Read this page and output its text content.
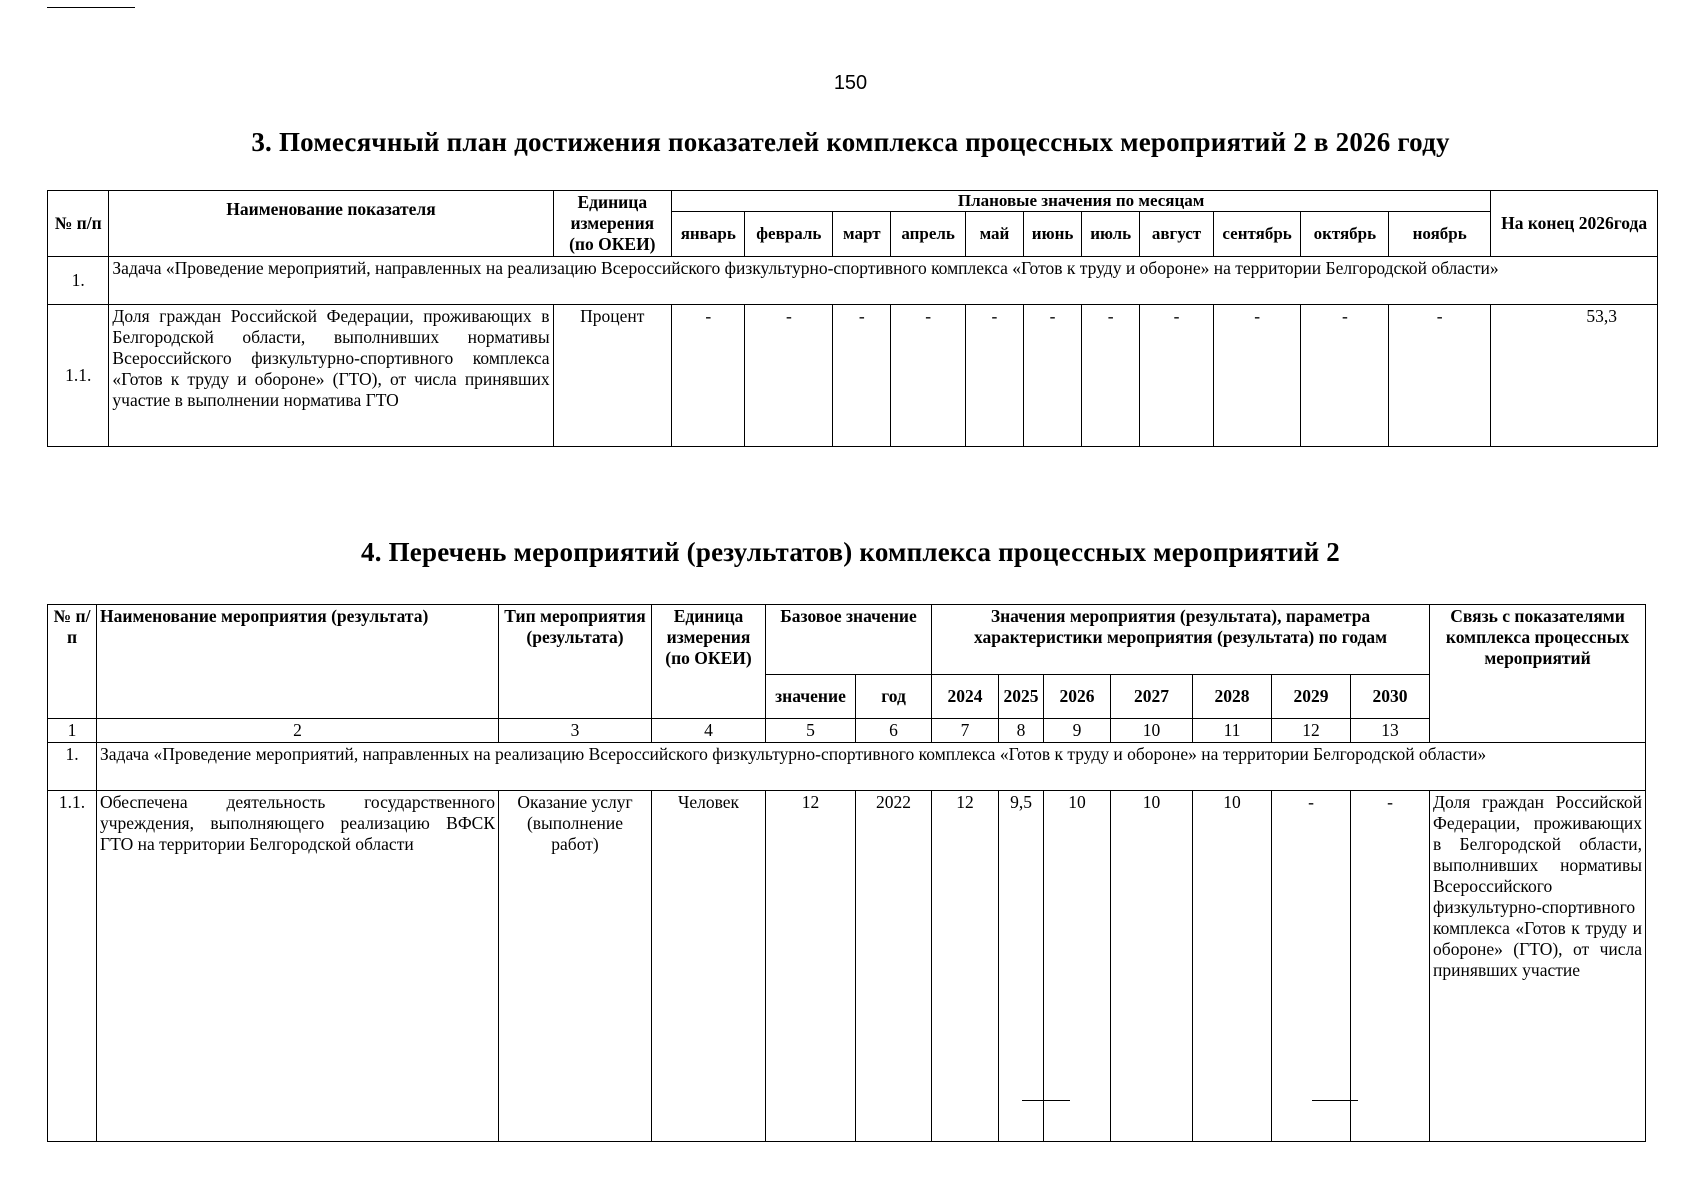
150
3. Помесячный план достижения показателей комплекса процессных мероприятий 2 в 2026 году
№ п/п	Наименование показателя	Единица измерения (по ОКЕИ)	Плановые значения по месяцам											На конец 2026года
			январь	февраль	март	апрель	май	июнь	июль	август	сентябрь	октябрь	ноябрь	
1.	Задача «Проведение мероприятий, направленных на реализацию Всероссийского физкультурно-спортивного комплекса «Готов к труду и обороне» на территории Белгородской области»													
1.1.	Доля граждан Российской Федерации, проживающих в Белгородской области, выполнивших нормативы Всероссийского физкультурно-спортивного комплекса «Готов к труду и обороне» (ГТО), от числа принявших участие в выполнении норматива ГТО	Процент	-	-	-	-	-	-	-	-	-	-	-	53,3
4. Перечень мероприятий (результатов) комплекса процессных мероприятий 2
№ п/п	Наименование мероприятия (результата)	Тип мероприятия (результата)	Единица измерения (по ОКЕИ)	Базовое значение		Значения мероприятия (результата), параметра характеристики мероприятия (результата) по годам							Связь с показателями комплекса процессных мероприятий
				значение	год	2024	2025	2026	2027	2028	2029	2030	
1	2	3	4	5	6	7	8	9	10	11	12	13	
1.	Задача «Проведение мероприятий, направленных на реализацию Всероссийского физкультурно-спортивного комплекса «Готов к труду и обороне» на территории Белгородской области»												
1.1.	Обеспечена деятельность государственного учреждения, выполняющего реализацию ВФСК ГТО на территории Белгородской области	Оказание услуг (выполнение работ)	Человек	12	2022	12	9,5	10	10	10	-	-	Доля граждан Российской Федерации, проживающих в Белгородской области, выполнивших нормативы Всероссийского физкультурно-спортивного комплекса «Готов к труду и обороне» (ГТО), от числа принявших участие
